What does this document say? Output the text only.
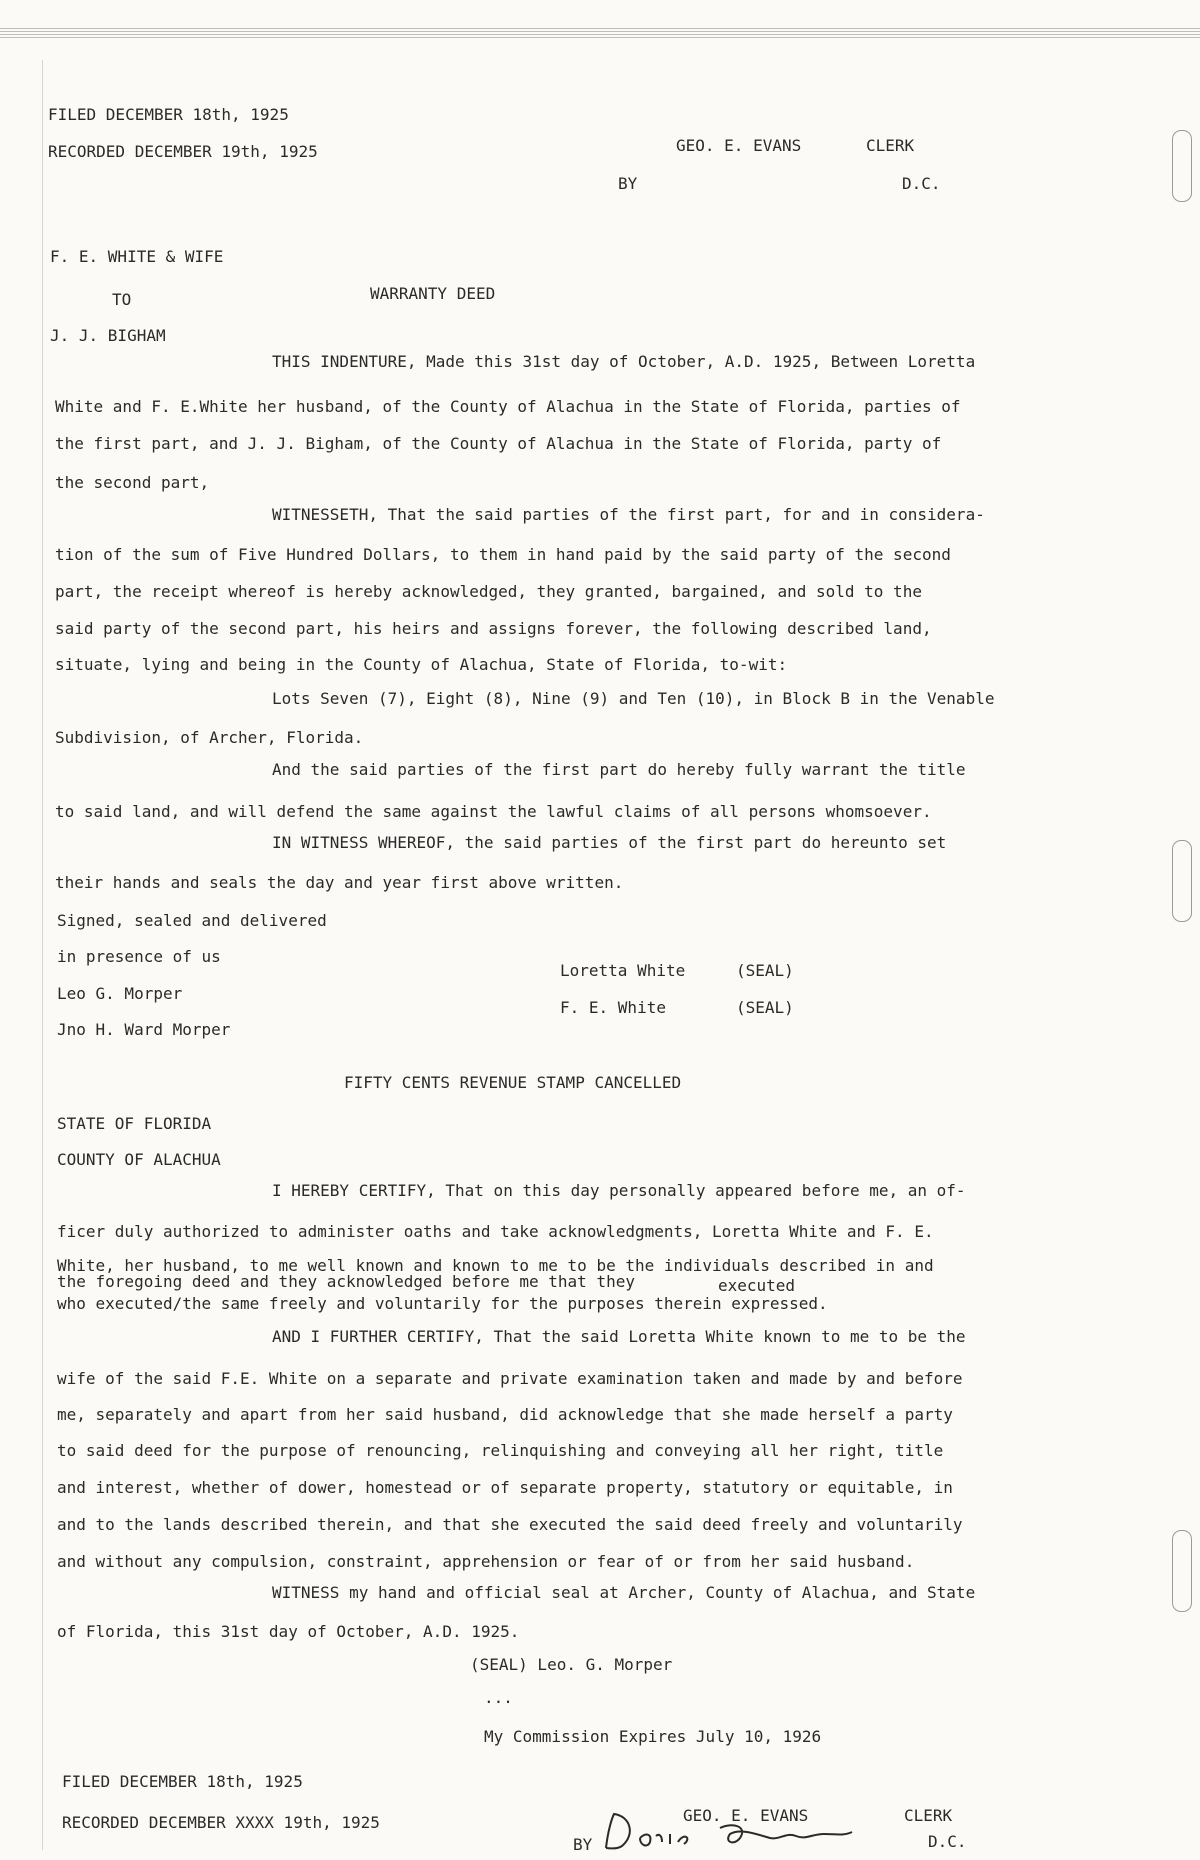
FILED DECEMBER 18th, 1925
RECORDED DECEMBER 19th, 1925	GEO. E. EVANS	CLERK
BY	D.C.
F. E. WHITE & WIFE
TO	WARRANTY DEED
J. J. BIGHAM
THIS INDENTURE, Made this 31st day of October, A.D. 1925, Between Loretta
White and F. E.White her husband, of the County of Alachua in the State of Florida, parties of
the first part, and J. J. Bigham, of the County of Alachua in the State of Florida, party of
the second part,
WITNESSETH, That the said parties of the first part, for and in considera-
tion of the sum of Five Hundred Dollars, to them in hand paid by the said party of the second
part, the receipt whereof is hereby acknowledged, they granted, bargained, and sold to the
said party of the second part, his heirs and assigns forever, the following described land,
situate, lying and being in the County of Alachua, State of Florida, to-wit:
Lots Seven (7), Eight (8), Nine (9) and Ten (10), in Block B in the Venable
Subdivision, of Archer, Florida.
And the said parties of the first part do hereby fully warrant the title
to said land, and will defend the same against the lawful claims of all persons whomsoever.
IN WITNESS WHEREOF, the said parties of the first part do hereunto set
their hands and seals the day and year first above written.
Signed, sealed and delivered
in presence of us
Leo G. Morper
Jno H. Ward Morper
Loretta White	(SEAL)
F. E. White	(SEAL)
FIFTY CENTS REVENUE STAMP CANCELLED
STATE OF FLORIDA
COUNTY OF ALACHUA
I HEREBY CERTIFY, That on this day personally appeared before me, an of-
ficer duly authorized to administer oaths and take acknowledgments, Loretta White and F. E.
White, her husband, to me well known and known to me to be the individuals described in and
the foregoing deed and they acknowledged before me that they	executed
who executed/the same freely and voluntarily for the purposes therein expressed.
AND I FURTHER CERTIFY, That the said Loretta White known to me to be the
wife of the said F.E. White on a separate and private examination taken and made by and before
me, separately and apart from her said husband, did acknowledge that she made herself a party
to said deed for the purpose of renouncing, relinquishing and conveying all her right, title
and interest, whether of dower, homestead or of separate property, statutory or equitable, in
and to the lands described therein, and that she executed the said deed freely and voluntarily
and without any compulsion, constraint, apprehension or fear of or from her said husband.
WITNESS my hand and official seal at Archer, County of Alachua, and State
of Florida, this 31st day of October, A.D. 1925.
(SEAL) Leo. G. Morper
...
My Commission Expires July 10, 1926
FILED DECEMBER 18th, 1925
RECORDED DECEMBER XXXX 19th, 1925	GEO. E. EVANS	CLERK
BY	D.C.
